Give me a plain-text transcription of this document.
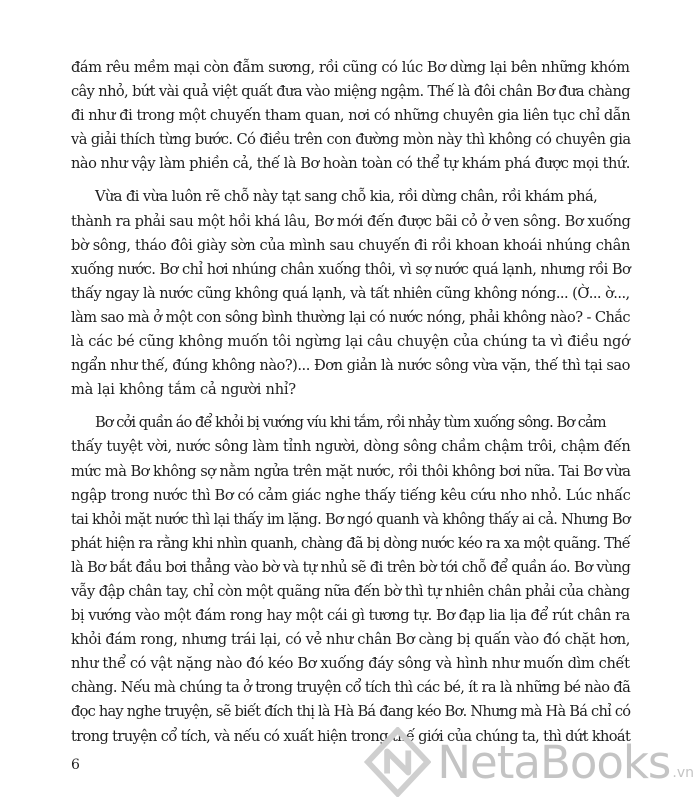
đám rêu mềm mại còn đẫm sương, rồi cũng có lúc Bơ dừng lại bên những khóm
cây nhỏ, bứt vài quả việt quất đưa vào miệng ngậm. Thế là đôi chân Bơ đưa chàng
đi như đi trong một chuyến tham quan, nơi có những chuyên gia liên tục chỉ dẫn
và giải thích từng bước. Có điều trên con đường mòn này thì không có chuyên gia
nào như vậy làm phiền cả, thế là Bơ hoàn toàn có thể tự khám phá được mọi thứ.

Vừa đi vừa luôn rẽ chỗ này tạt sang chỗ kia, rồi dừng chân, rồi khám phá,
thành ra phải sau một hồi khá lâu, Bơ mới đến được bãi cỏ ở ven sông. Bơ xuống
bờ sông, tháo đôi giày sờn của mình sau chuyến đi rồi khoan khoái nhúng chân
xuống nước. Bơ chỉ hơi nhúng chân xuống thôi, vì sợ nước quá lạnh, nhưng rồi Bơ
thấy ngay là nước cũng không quá lạnh, và tất nhiên cũng không nóng... (Ờ... ờ...,
làm sao mà ở một con sông bình thường lại có nước nóng, phải không nào? - Chắc
là các bé cũng không muốn tôi ngừng lại câu chuyện của chúng ta vì điều ngớ
ngẩn như thế, đúng không nào?)... Đơn giản là nước sông vừa vặn, thế thì tại sao
mà lại không tắm cả người nhỉ?

Bơ cởi quần áo để khỏi bị vướng víu khi tắm, rồi nhảy tùm xuống sông. Bơ cảm
thấy tuyệt vời, nước sông làm tỉnh người, dòng sông chầm chậm trôi, chậm đến
mức mà Bơ không sợ nằm ngửa trên mặt nước, rồi thôi không bơi nữa. Tai Bơ vừa
ngập trong nước thì Bơ có cảm giác nghe thấy tiếng kêu cứu nho nhỏ. Lúc nhấc
tai khỏi mặt nước thì lại thấy im lặng. Bơ ngó quanh và không thấy ai cả. Nhưng Bơ
phát hiện ra rằng khi nhìn quanh, chàng đã bị dòng nước kéo ra xa một quãng. Thế
là Bơ bắt đầu bơi thẳng vào bờ và tự nhủ sẽ đi trên bờ tới chỗ để quần áo. Bơ vùng
vẫy đập chân tay, chỉ còn một quãng nữa đến bờ thì tự nhiên chân phải của chàng
bị vướng vào một đám rong hay một cái gì tương tự. Bơ đạp lia lịa để rút chân ra
khỏi đám rong, nhưng trái lại, có vẻ như chân Bơ càng bị quấn vào đó chặt hơn,
như thể có vật nặng nào đó kéo Bơ xuống đáy sông và hình như muốn dìm chết
chàng. Nếu mà chúng ta ở trong truyện cổ tích thì các bé, ít ra là những bé nào đã
đọc hay nghe truyện, sẽ biết đích thị là Hà Bá đang kéo Bơ. Nhưng mà Hà Bá chỉ có
trong truyện cổ tích, và nếu có xuất hiện trong thế giới của chúng ta, thì dứt khoát

6	NetaBooks .vn
